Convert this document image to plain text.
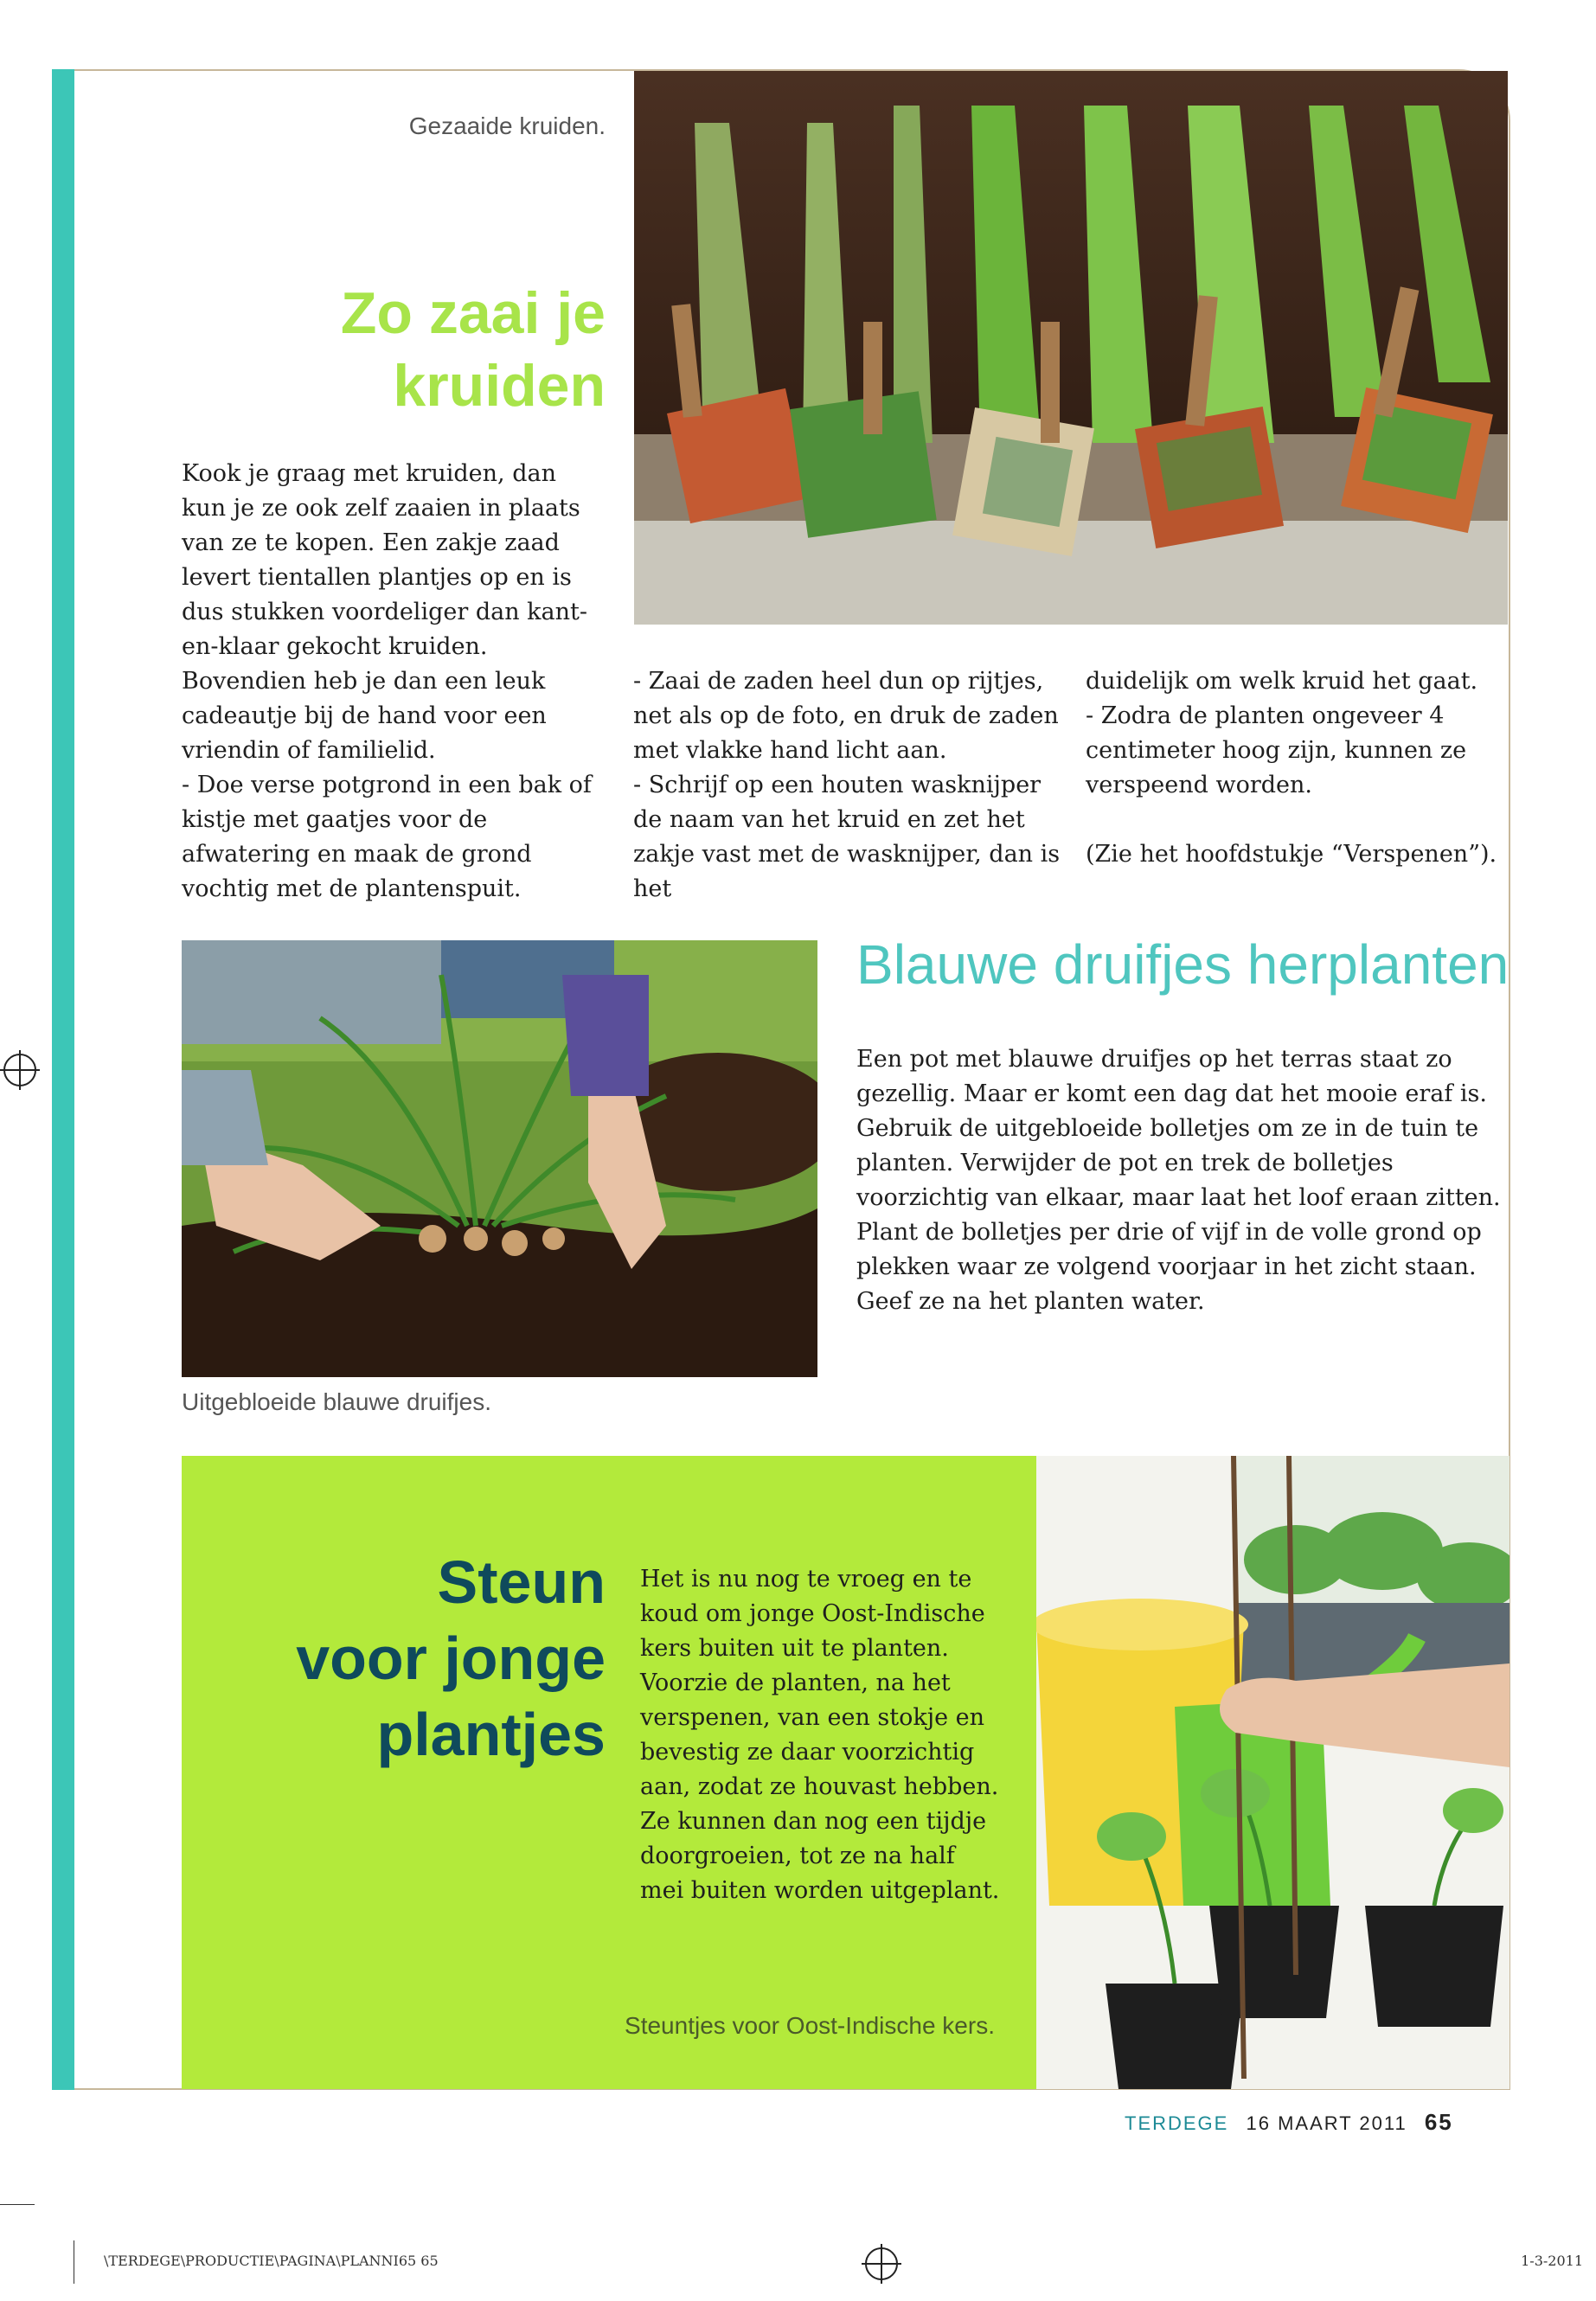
Gezaaide kruiden.
Zo zaai je
kruiden

Kook je graag met kruiden, dan kun je ze ook zelf zaaien in plaats van ze te kopen. Een zakje zaad levert tientallen plantjes op en is dus stukken voordeliger dan kant-en-klaar gekocht kruiden. Bovendien heb je dan een leuk cadeautje bij de hand voor een vriendin of familielid.

- Doe verse potgrond in een bak of kistje met gaatjes voor de afwatering en maak de grond vochtig met de plantenspuit.

- Zaai de zaden heel dun op rijtjes, net als op de foto, en druk de zaden met vlakke hand licht aan.

- Schrijf op een houten wasknijper de naam van het kruid en zet het zakje vast met de wasknijper, dan is het

duidelijk om welk kruid het gaat.

- Zodra de planten ongeveer 4 centimeter hoog zijn, kunnen ze verspeend worden.

(Zie het hoofdstukje “Verspenen”).

Blauwe druifjes herplanten
Een pot met blauwe druifjes op het terras staat zo gezellig. Maar er komt een dag dat het mooie eraf is. Gebruik de uitgebloeide bolletjes om ze in de tuin te planten. Verwijder de pot en trek de bolletjes voorzichtig van elkaar, maar laat het loof eraan zitten. Plant de bolletjes per drie of vijf in de volle grond op plekken waar ze volgend voorjaar in het zicht staan. Geef ze na het planten water.
Uitgebloeide blauwe druifjes.
Steun
voor jonge
plantjes
Het is nu nog te vroeg en te koud om jonge Oost-Indische kers buiten uit te planten. Voorzie de planten, na het verspenen, van een stokje en bevestig ze daar voorzichtig aan, zodat ze houvast hebben. Ze kunnen dan nog een tijdje doorgroeien, tot ze na half mei buiten worden uitgeplant.
Steuntjes voor Oost-Indische kers.
TERDEGE 16 MAART 2011 65
\TERDEGE\PRODUCTIE\PAGINA\PLANNI65 65	1-3-2011
